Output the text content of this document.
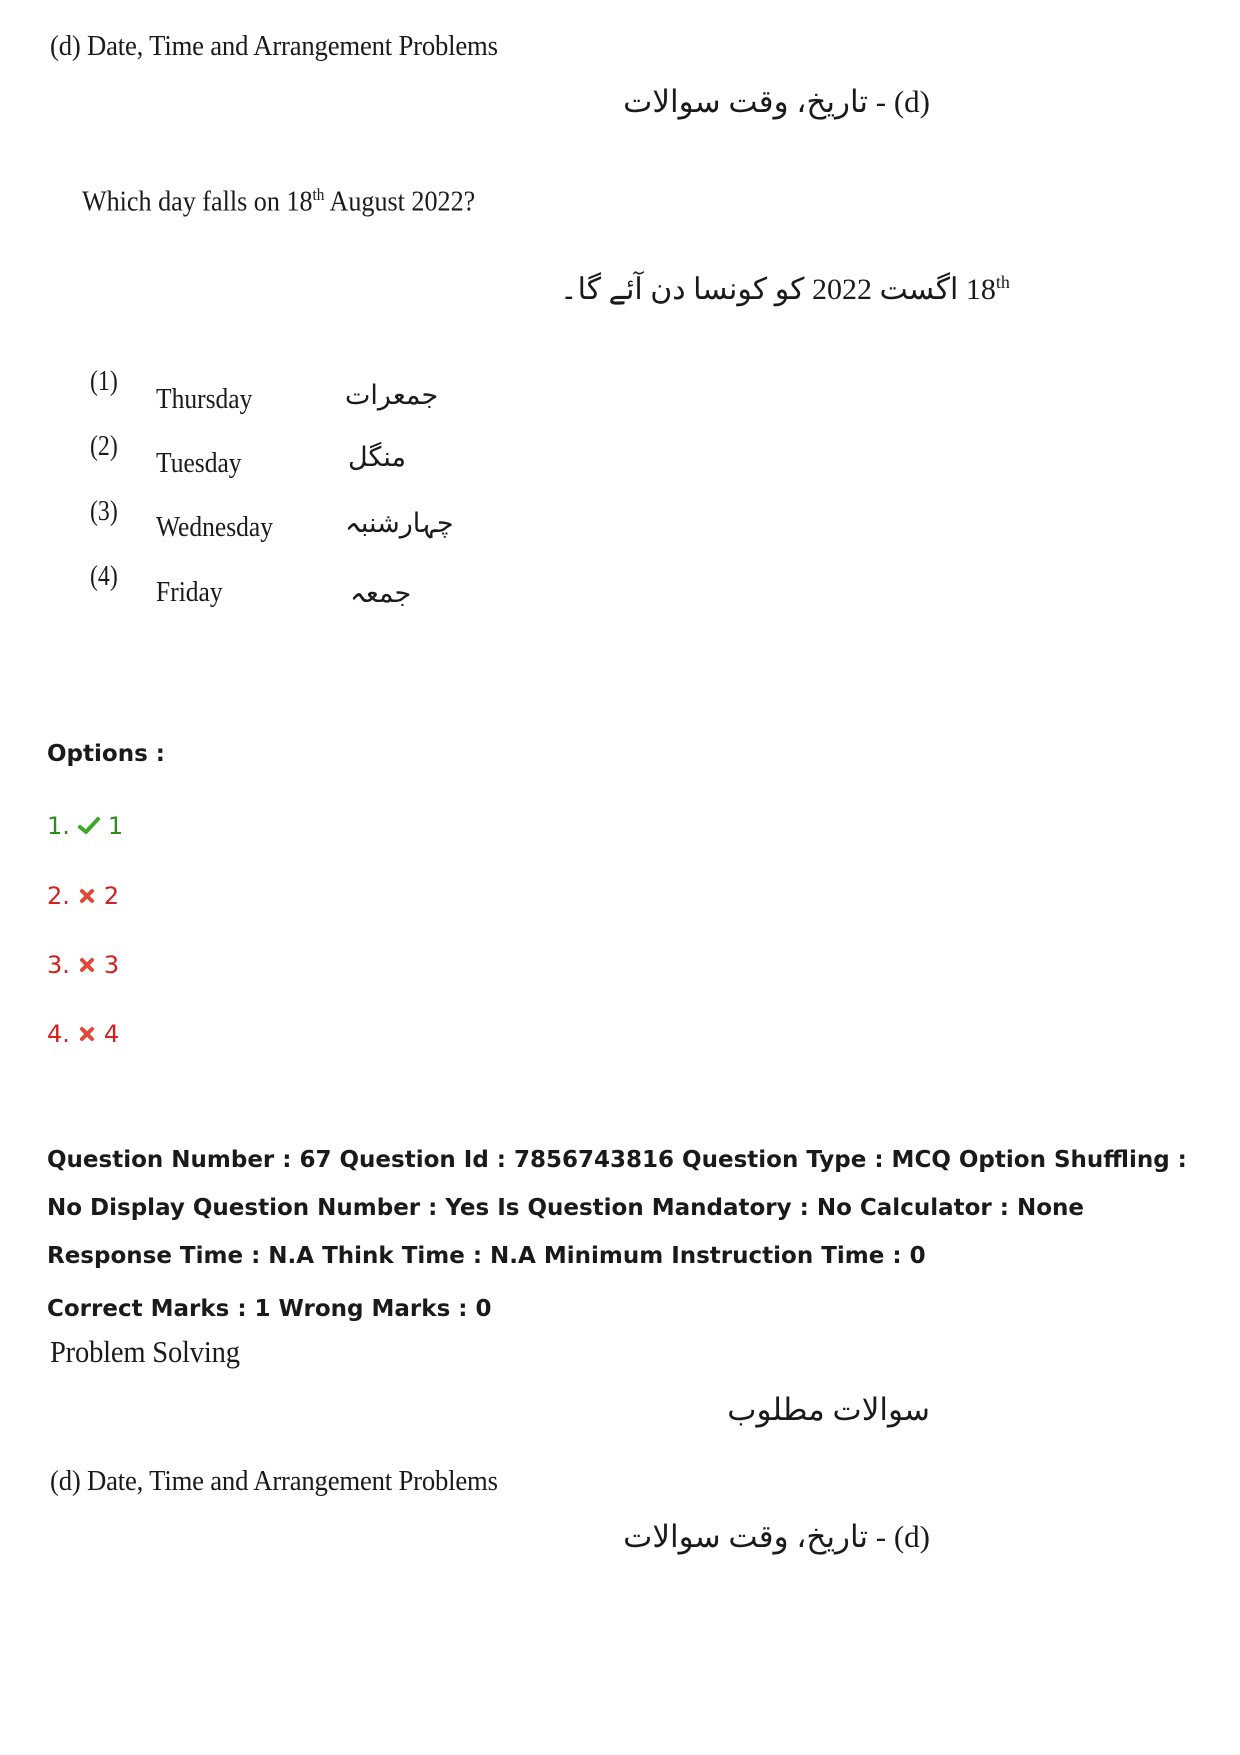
(d) Date, Time and Arrangement Problems
(d) - تاریخ، وقت سوالات
Which day falls on 18th August 2022?
اگست 2022 کو کونسا دن آئے گا۔ 18th
(1)
Thursday	جمعرات
(2)
Tuesday	منگل
(3) Wednesday	چہارشنبہ
(4) Friday	جمعہ
Options :
1. 1
2. 2
3. 3
4. 4
Question Number : 67 Question Id : 7856743816 Question Type : MCQ Option Shuffling : No Display Question Number : Yes Is Question Mandatory : No Calculator : None Response Time : N.A Think Time : N.A Minimum Instruction Time : 0
Correct Marks : 1 Wrong Marks : 0
Problem Solving
سوالات مطلوب
(d) Date, Time and Arrangement Problems
(d) - تاریخ، وقت سوالات
